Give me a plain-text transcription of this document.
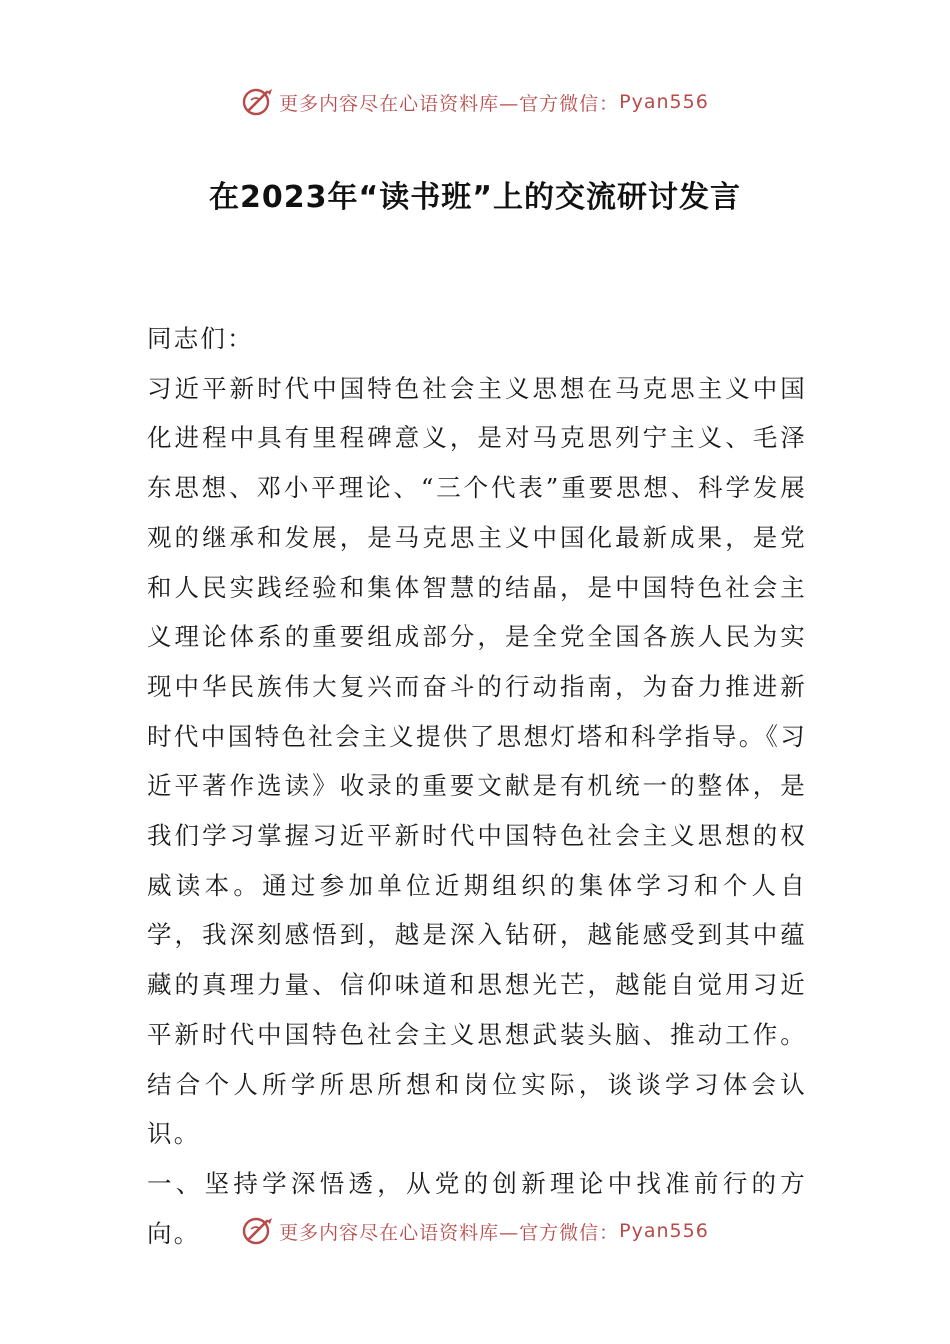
更多内容尽在心语资料库—官方微信： Pyan556
在2023年“读书班”上的交流研讨发言

同志们：

习近平新时代中国特色社会主义思想在马克思主义中国化进程中具有里程碑意义，是对马克思列宁主义、毛泽东思想、邓小平理论、“三个代表”重要思想、科学发展观的继承和发展，是马克思主义中国化最新成果，是党和人民实践经验和集体智慧的结晶，是中国特色社会主义理论体系的重要组成部分，是全党全国各族人民为实现中华民族伟大复兴而奋斗的行动指南，为奋力推进新时代中国特色社会主义提供了思想灯塔和科学指导。《习近平著作选读》收录的重要文献是有机统一的整体，是我们学习掌握习近平新时代中国特色社会主义思想的权威读本。通过参加单位近期组织的集体学习和个人自学，我深刻感悟到，越是深入钻研，越能感受到其中蕴藏的真理力量、信仰味道和思想光芒，越能自觉用习近平新时代中国特色社会主义思想武装头脑、推动工作。结合个人所学所思所想和岗位实际，谈谈学习体会认识。

一、坚持学深悟透，从党的创新理论中找准前行的方向。	更多内容尽在心语资料库—官方微信： Pyan556
